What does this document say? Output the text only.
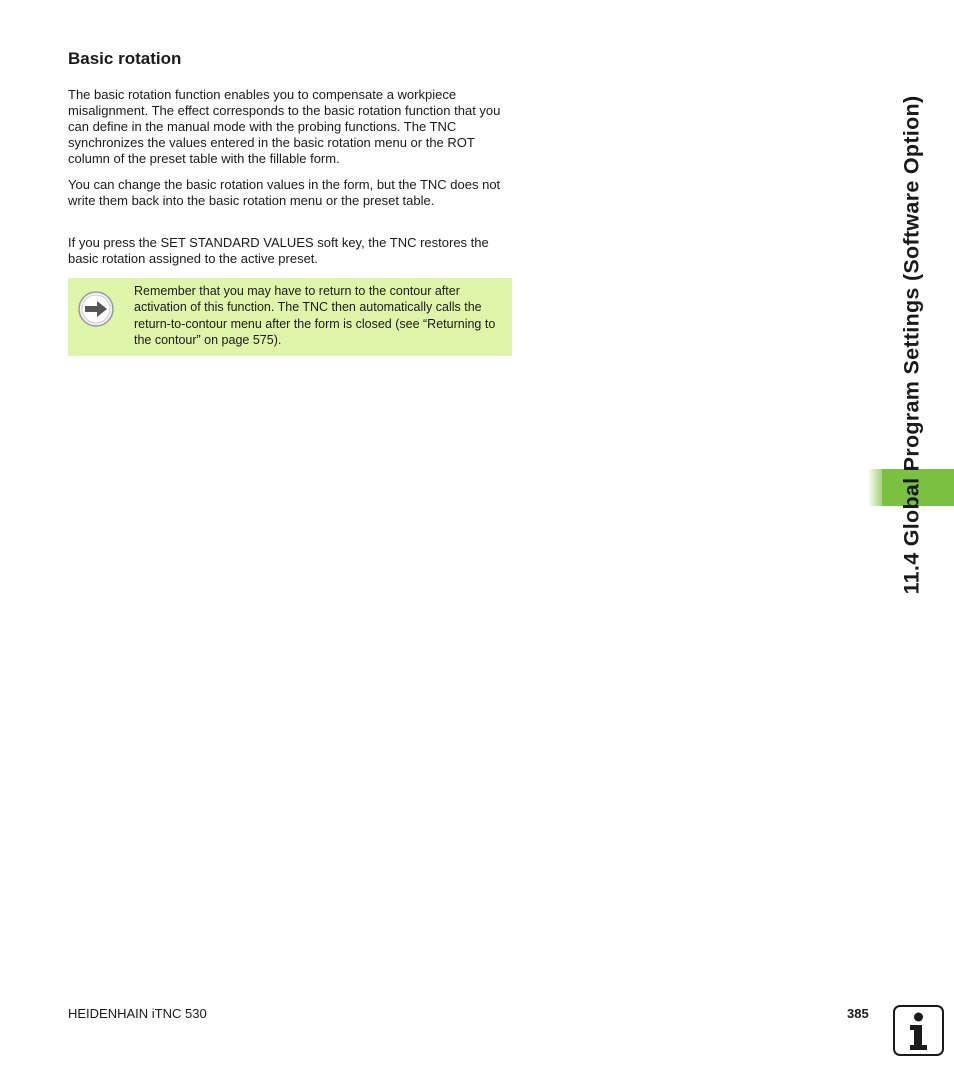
Basic rotation

The basic rotation function enables you to compensate a workpiece misalignment. The effect corresponds to the basic rotation function that you can define in the manual mode with the probing functions. The TNC synchronizes the values entered in the basic rotation menu or the ROT column of the preset table with the fillable form.

You can change the basic rotation values in the form, but the TNC does not write them back into the basic rotation menu or the preset table.

If you press the SET STANDARD VALUES soft key, the TNC restores the basic rotation assigned to the active preset.

Remember that you may have to return to the contour after activation of this function. The TNC then automatically calls the return-to-contour menu after the form is closed (see “Returning to the contour” on page 575).	11.4 Global Program Settings (Software Option)
HEIDENHAIN iTNC 530	385
